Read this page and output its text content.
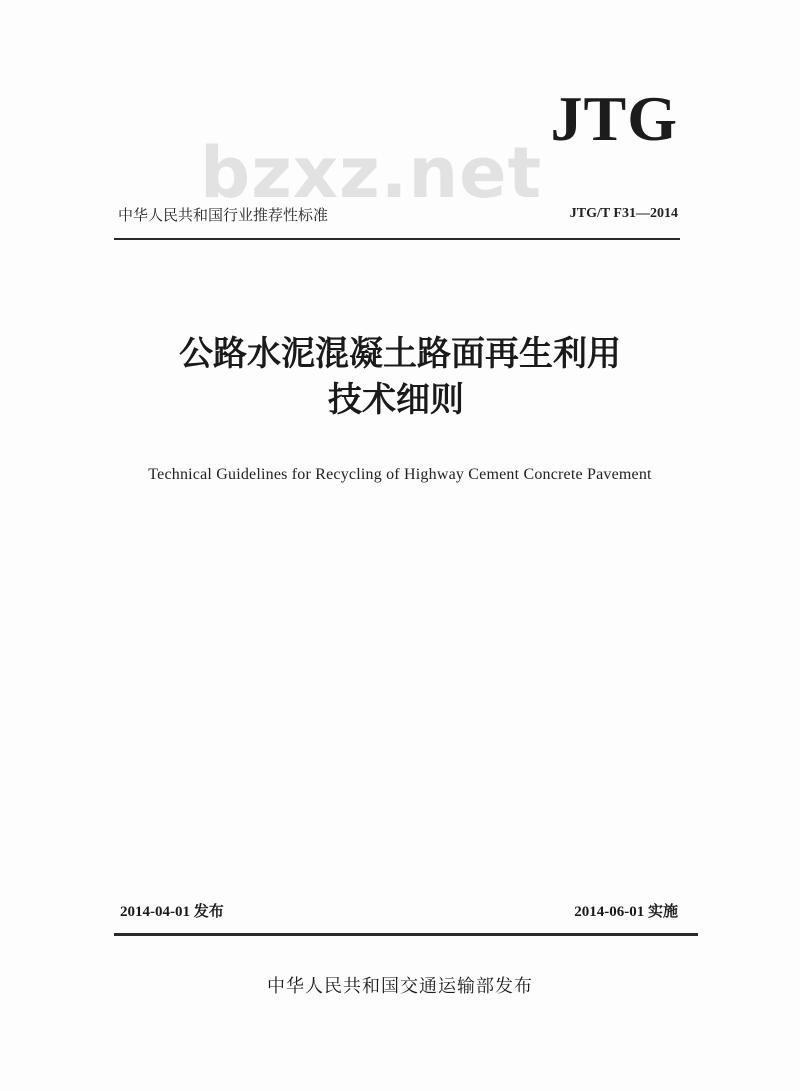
bzxz.net
JTG
中华人民共和国行业推荐性标准	JTG/T F31—2014
公路水泥混凝土路面再生利用
技术细则
Technical Guidelines for Recycling of Highway Cement Concrete Pavement
2014-04-01 发布	2014-06-01 实施
中华人民共和国交通运输部发布
